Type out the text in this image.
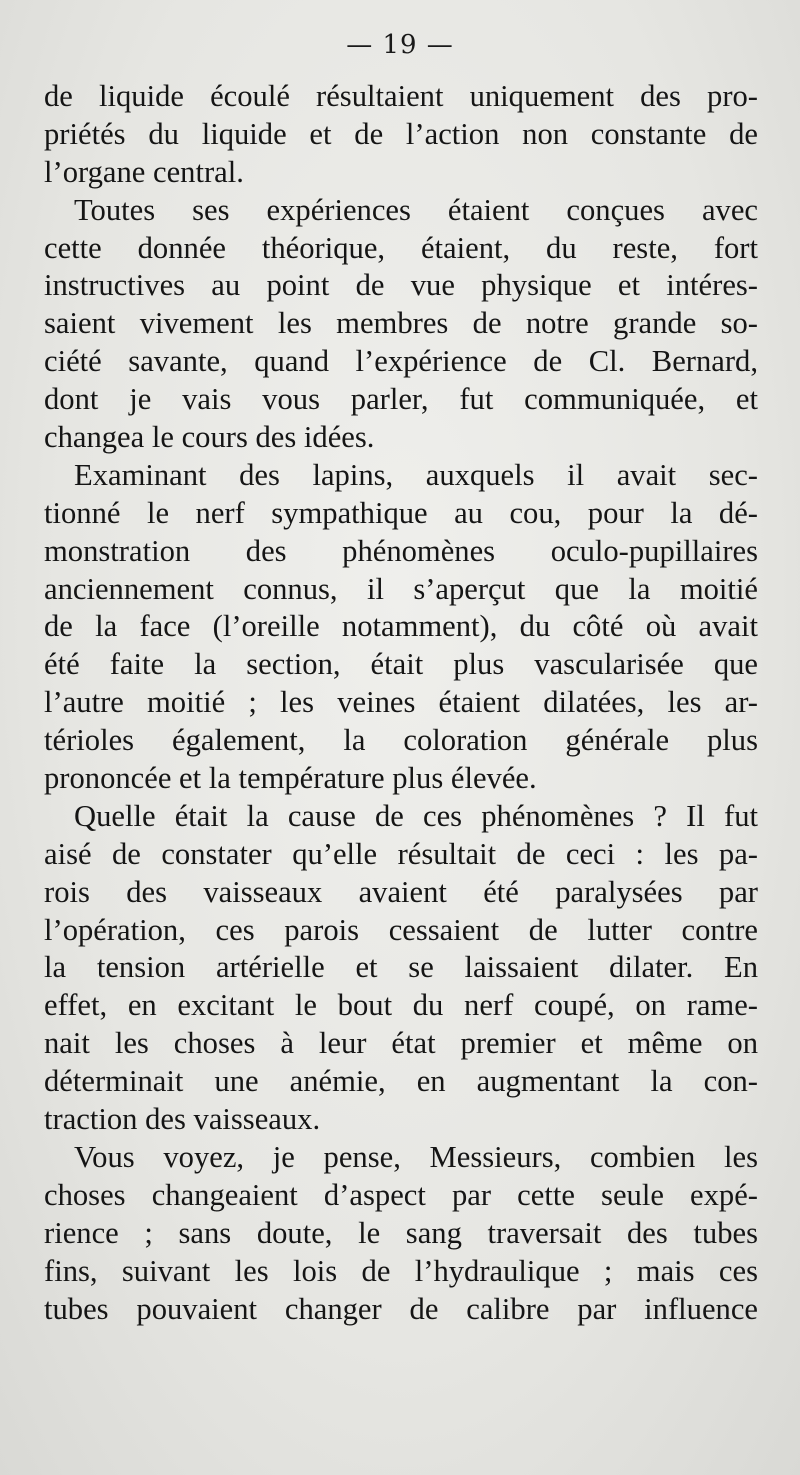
— 19 —
de liquide écoulé résultaient uniquement des pro-
priétés du liquide et de l’action non constante de
l’organe central.
Toutes ses expériences étaient conçues avec
cette donnée théorique, étaient, du reste, fort
instructives au point de vue physique et intéres-
saient vivement les membres de notre grande so-
ciété savante, quand l’expérience de Cl. Bernard,
dont je vais vous parler, fut communiquée, et
changea le cours des idées.
Examinant des lapins, auxquels il avait sec-
tionné le nerf sympathique au cou, pour la dé-
monstration des phénomènes oculo-pupillaires
anciennement connus, il s’aperçut que la moitié
de la face (l’oreille notamment), du côté où avait
été faite la section, était plus vascularisée que
l’autre moitié ; les veines étaient dilatées, les ar-
térioles également, la coloration générale plus
prononcée et la température plus élevée.
Quelle était la cause de ces phénomènes ? Il fut
aisé de constater qu’elle résultait de ceci : les pa-
rois des vaisseaux avaient été paralysées par
l’opération, ces parois cessaient de lutter contre
la tension artérielle et se laissaient dilater. En
effet, en excitant le bout du nerf coupé, on rame-
nait les choses à leur état premier et même on
déterminait une anémie, en augmentant la con-
traction des vaisseaux.
Vous voyez, je pense, Messieurs, combien les
choses changeaient d’aspect par cette seule expé-
rience ; sans doute, le sang traversait des tubes
fins, suivant les lois de l’hydraulique ; mais ces
tubes pouvaient changer de calibre par influence
